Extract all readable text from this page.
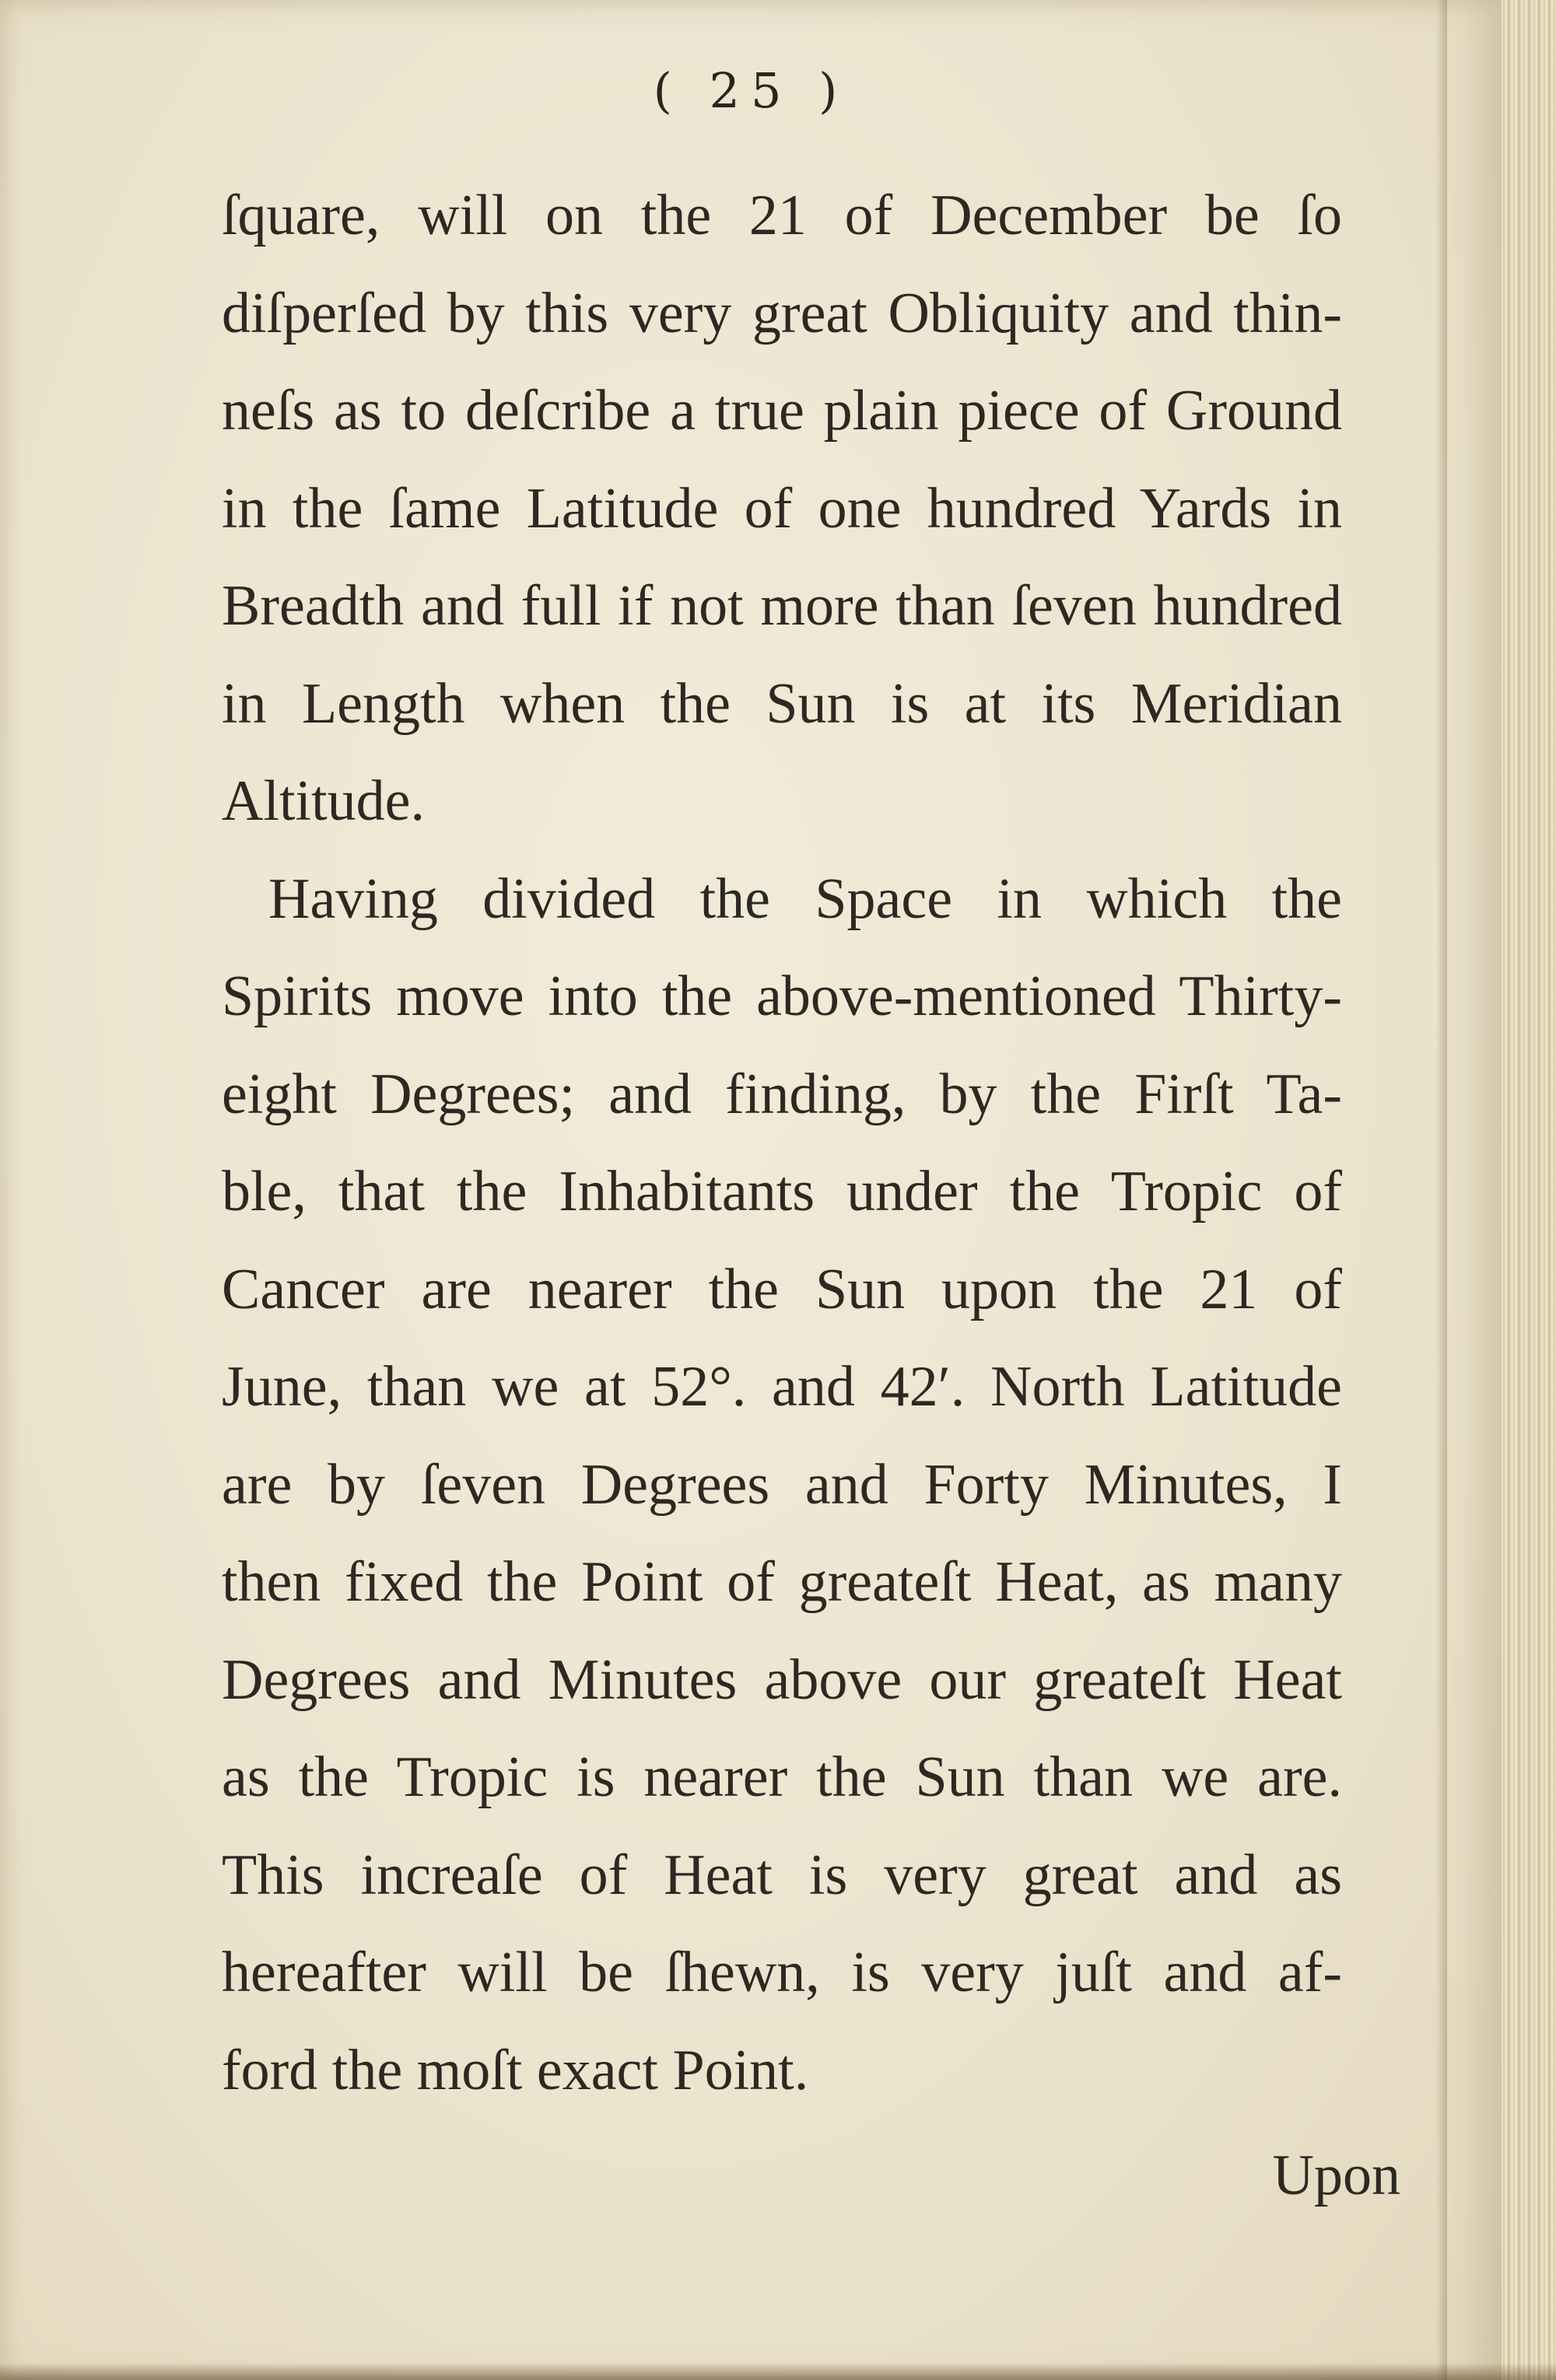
( 25 )
ſquare, will on the 21 of December be ſo
diſperſed by this very great Obliquity and thin-
neſs as to deſcribe a true plain piece of Ground
in the ſame Latitude of one hundred Yards in
Breadth and full if not more than ſeven hundred
in Length when the Sun is at its Meridian
Altitude.
Having divided the Space in which the
Spirits move into the above-mentioned Thirty-
eight Degrees; and finding, by the Firſt Ta-
ble, that the Inhabitants under the Tropic of
Cancer are nearer the Sun upon the 21 of
June, than we at 52°. and 42′. North Latitude
are by ſeven Degrees and Forty Minutes, I
then fixed the Point of greateſt Heat, as many
Degrees and Minutes above our greateſt Heat
as the Tropic is nearer the Sun than we are.
This increaſe of Heat is very great and as
hereafter will be ſhewn, is very juſt and af-
ford the moſt exact Point.
Upon
